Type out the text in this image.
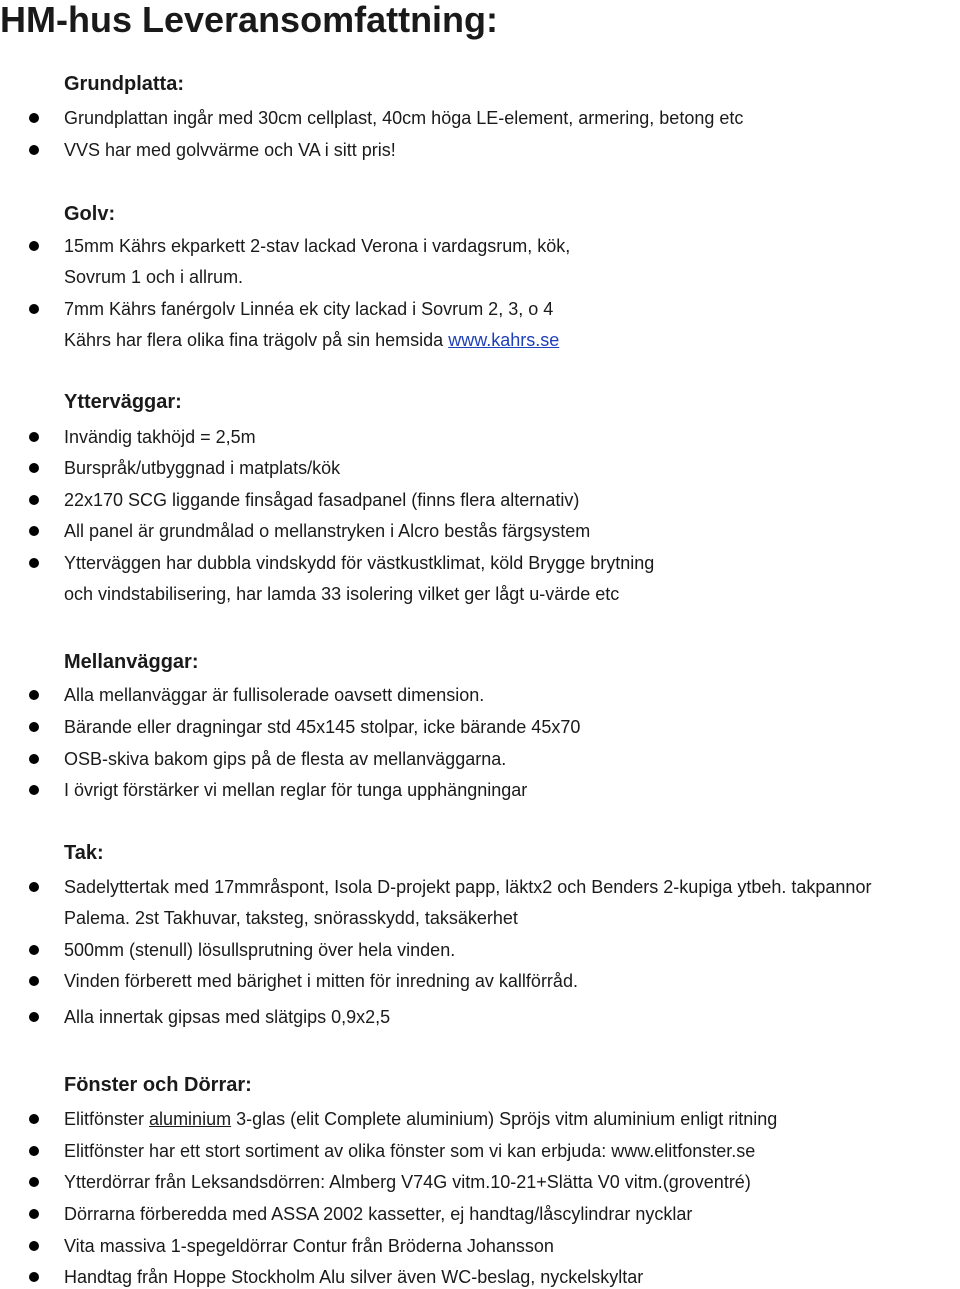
HM-hus Leveransomfattning:
Grundplatta:
Grundplattan ingår med 30cm cellplast, 40cm höga LE-element, armering, betong etc
VVS har med golvvärme och VA i sitt pris!
Golv:
15mm Kährs ekparkett 2-stav lackad Verona i vardagsrum, kök,
Sovrum 1 och i allrum.
7mm Kährs fanérgolv Linnéa ek city lackad i Sovrum 2, 3, o 4
Kährs har flera olika fina trägolv på sin hemsida www.kahrs.se
Ytterväggar:
Invändig takhöjd = 2,5m
Burspråk/utbyggnad i matplats/kök
22x170 SCG liggande finsågad fasadpanel (finns flera alternativ)
All panel är grundmålad o mellanstryken i Alcro bestås färgsystem
Ytterväggen har dubbla vindskydd för västkustklimat, köld Brygge brytning
och vindstabilisering, har lamda 33 isolering vilket ger lågt u-värde etc
Mellanväggar:
Alla mellanväggar är fullisolerade oavsett dimension.
Bärande eller dragningar std 45x145 stolpar, icke bärande 45x70
OSB-skiva bakom gips på de flesta av mellanväggarna.
I övrigt förstärker vi mellan reglar för tunga upphängningar
Tak:
Sadelyttertak med 17mmråspont, Isola D-projekt papp, läktx2 och Benders 2-kupiga ytbeh. takpannor
Palema. 2st Takhuvar, taksteg, snörasskydd, taksäkerhet
500mm (stenull) lösullsprutning över hela vinden.
Vinden förberett med bärighet i mitten för inredning av kallförråd.
Alla innertak gipsas med slätgips 0,9x2,5
Fönster och Dörrar:
Elitfönster aluminium 3-glas (elit Complete aluminium) Spröjs vitm aluminium enligt ritning
Elitfönster har ett stort sortiment av olika fönster som vi kan erbjuda: www.elitfonster.se
Ytterdörrar från Leksandsdörren: Almberg V74G vitm.10-21+Slätta V0 vitm.(groventré)
Dörrarna förberedda med ASSA 2002 kassetter, ej handtag/låscylindrar nycklar
Vita massiva 1-spegeldörrar Contur från Bröderna Johansson
Handtag från Hoppe Stockholm Alu silver även WC-beslag, nyckelskyltar
